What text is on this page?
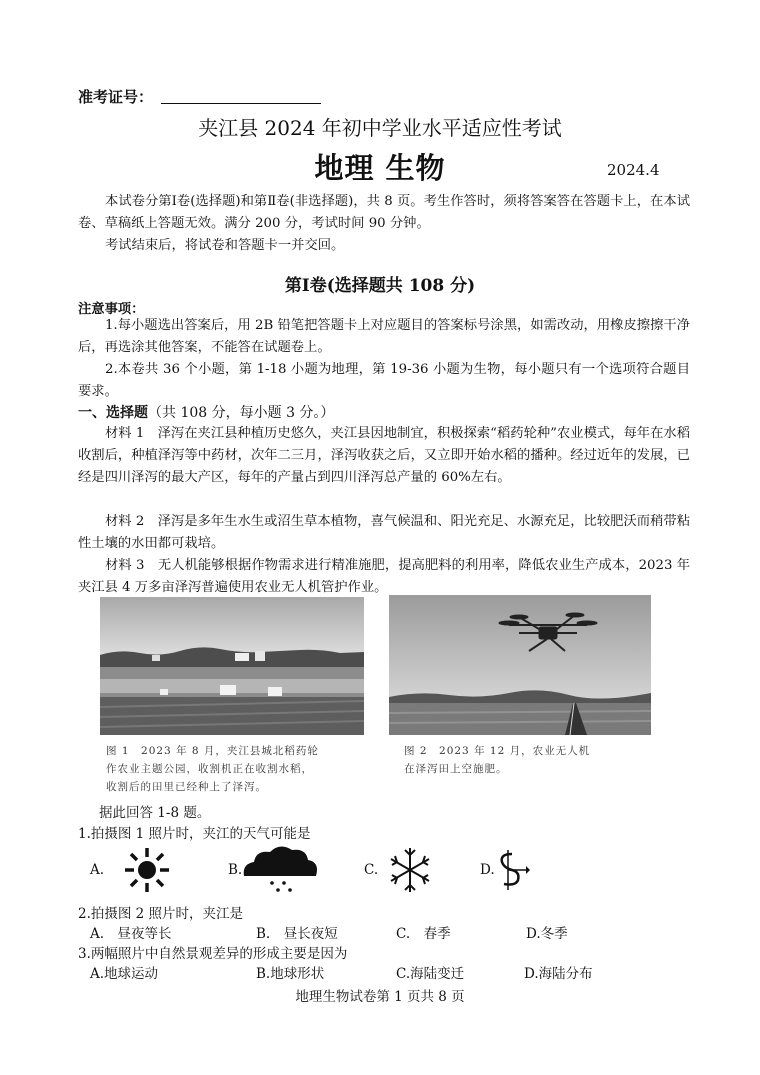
准考证号：
夹江县 2024 年初中学业水平适应性考试
地理 生物	2024.4
本试卷分第Ⅰ卷(选择题)和第Ⅱ卷(非选择题)，共 8 页。考生作答时，须将答案答在答题卡上，在本试卷、草稿纸上答题无效。满分 200 分，考试时间 90 分钟。
考试结束后，将试卷和答题卡一并交回。
第Ⅰ卷(选择题共 108 分)
注意事项：
1.每小题选出答案后，用 2B 铅笔把答题卡上对应题目的答案标号涂黑，如需改动，用橡皮擦擦干净后，再选涂其他答案，不能答在试题卷上。
2.本卷共 36 个小题，第 1-18 小题为地理，第 19-36 小题为生物，每小题只有一个选项符合题目要求。
一、选择题（共 108 分，每小题 3 分。）
材料 1　泽泻在夹江县种植历史悠久，夹江县因地制宜，积极探索“稻药轮种”农业模式，每年在水稻收割后，种植泽泻等中药材，次年二三月，泽泻收获之后，又立即开始水稻的播种。经过近年的发展，已经是四川泽泻的最大产区，每年的产量占到四川泽泻总产量的 60%左右。
材料 2　泽泻是多年生水生或沼生草本植物，喜气候温和、阳光充足、水源充足，比较肥沃而稍带粘性土壤的水田都可栽培。
材料 3　无人机能够根据作物需求进行精准施肥，提高肥料的利用率，降低农业生产成本，2023 年夹江县 4 万多亩泽泻普遍使用农业无人机管护作业。
图 1　2023 年 8 月，夹江县城北稻药轮
作农业主题公园，收割机正在收割水稻，
收割后的田里已经种上了泽泻。
图 2　2023 年 12 月，农业无人机
在泽泻田上空施肥。
据此回答 1-8 题。
1.拍摄图 1 照片时，夹江的天气可能是
A.	B.	C.	D.
2.拍摄图 2 照片时，夹江是
A.　昼夜等长	B.　昼长夜短	C.　春季	D.冬季
3.两幅照片中自然景观差异的形成主要是因为
A.地球运动	B.地球形状	C.海陆变迁	D.海陆分布
地理生物试卷第 1 页共 8 页
